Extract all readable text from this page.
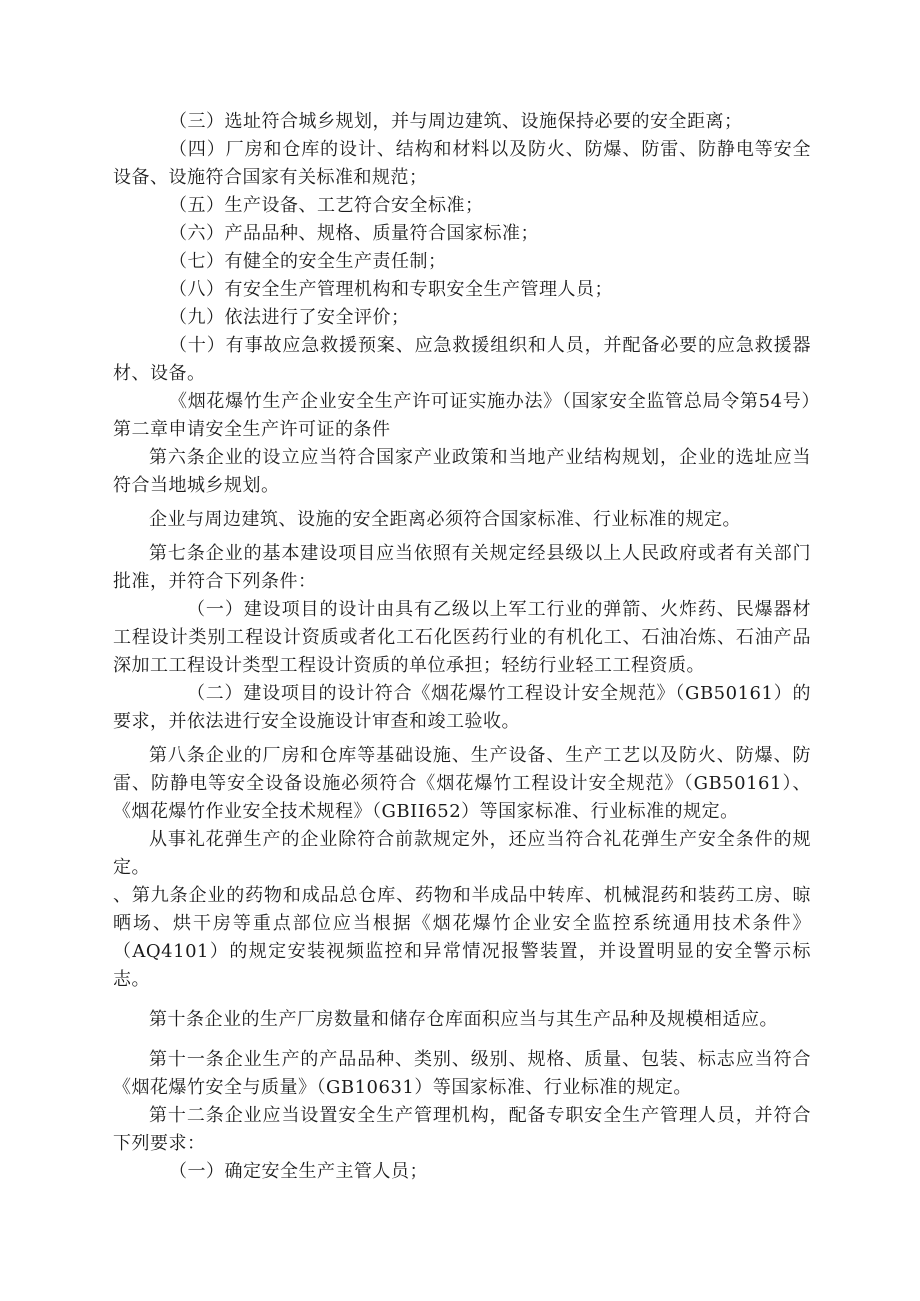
（三）选址符合城乡规划，并与周边建筑、设施保持必要的安全距离；

（四）厂房和仓库的设计、结构和材料以及防火、防爆、防雷、防静电等安全设备、设施符合国家有关标准和规范；

（五）生产设备、工艺符合安全标准；

（六）产品品种、规格、质量符合国家标准；

（七）有健全的安全生产责任制；

（八）有安全生产管理机构和专职安全生产管理人员；

（九）依法进行了安全评价；

（十）有事故应急救援预案、应急救援组织和人员，并配备必要的应急救援器材、设备。

《烟花爆竹生产企业安全生产许可证实施办法》（国家安全监管总局令第54号）第二章申请安全生产许可证的条件

第六条企业的设立应当符合国家产业政策和当地产业结构规划，企业的选址应当符合当地城乡规划。

企业与周边建筑、设施的安全距离必须符合国家标准、行业标准的规定。

第七条企业的基本建设项目应当依照有关规定经县级以上人民政府或者有关部门批准，并符合下列条件：

（一）建设项目的设计由具有乙级以上军工行业的弹箭、火炸药、民爆器材工程设计类别工程设计资质或者化工石化医药行业的有机化工、石油冶炼、石油产品深加工工程设计类型工程设计资质的单位承担；轻纺行业轻工工程资质。

（二）建设项目的设计符合《烟花爆竹工程设计安全规范》（GB50161）的要求，并依法进行安全设施设计审查和竣工验收。

第八条企业的厂房和仓库等基础设施、生产设备、生产工艺以及防火、防爆、防雷、防静电等安全设备设施必须符合《烟花爆竹工程设计安全规范》（GB50161）、《烟花爆竹作业安全技术规程》（GBII652）等国家标准、行业标准的规定。

从事礼花弹生产的企业除符合前款规定外，还应当符合礼花弹生产安全条件的规定。

、第九条企业的药物和成品总仓库、药物和半成品中转库、机械混药和装药工房、晾晒场、烘干房等重点部位应当根据《烟花爆竹企业安全监控系统通用技术条件》（AQ4101）的规定安装视频监控和异常情况报警装置，并设置明显的安全警示标志。

第十条企业的生产厂房数量和储存仓库面积应当与其生产品种及规模相适应。

第十一条企业生产的产品品种、类别、级别、规格、质量、包装、标志应当符合《烟花爆竹安全与质量》（GB10631）等国家标准、行业标准的规定。

第十二条企业应当设置安全生产管理机构，配备专职安全生产管理人员，并符合下列要求：

（一）确定安全生产主管人员；
